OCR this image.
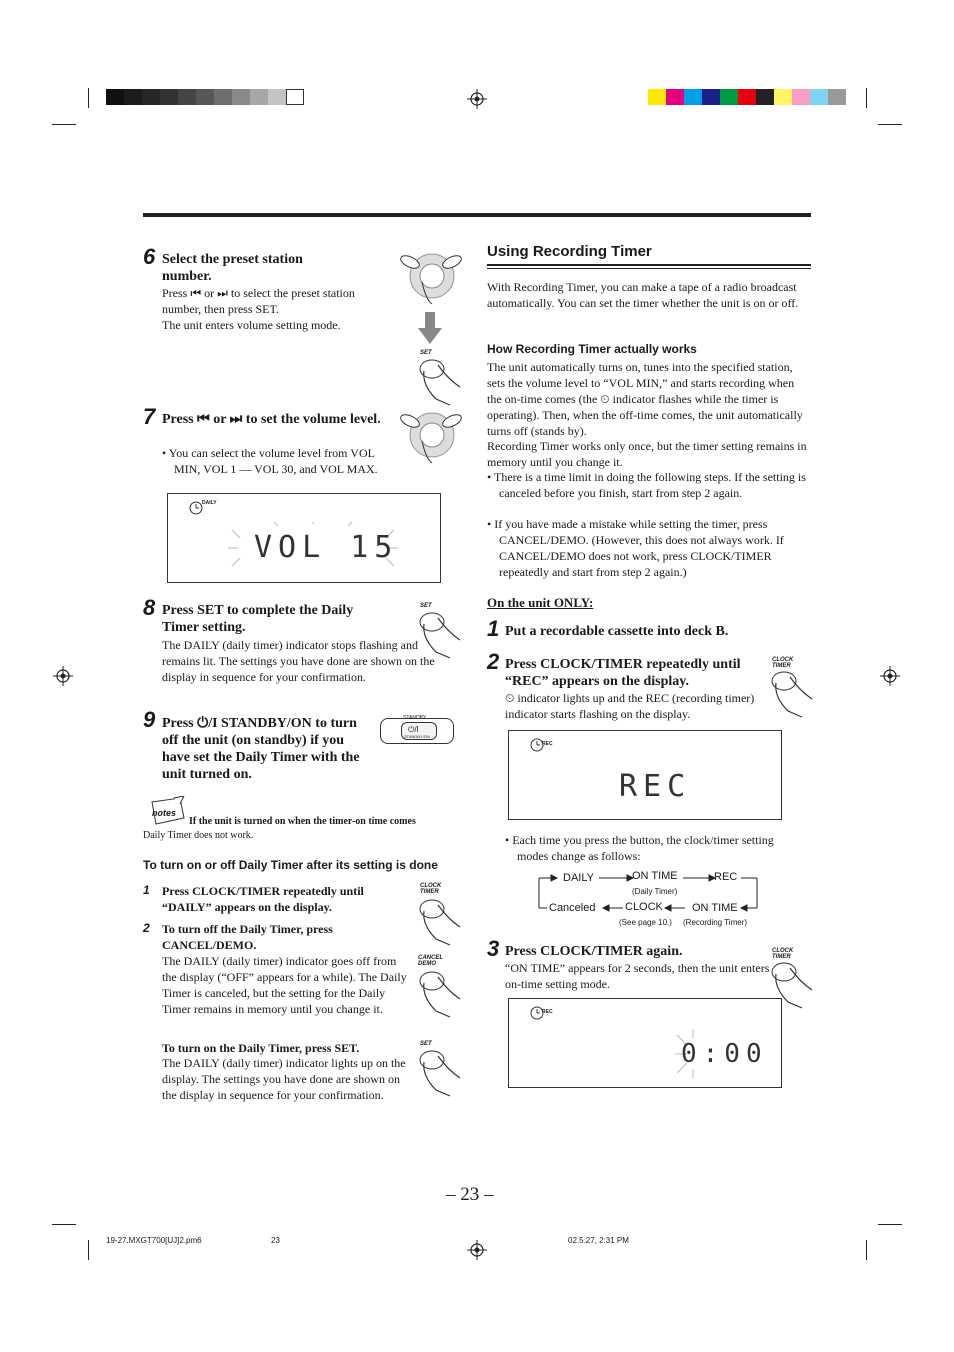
6 Select the preset station number.
Press ⏮ or ⏭ to select the preset station number, then press SET.
The unit enters volume setting mode.
SET
7 Press ⏮ or ⏭ to set the volume level.
• You can select the volume level from VOL MIN, VOL 1 — VOL 30, and VOL MAX.
DAILY
VOL 15
8 Press SET to complete the Daily Timer setting.
The DAILY (daily timer) indicator stops flashing and remains lit. The settings you have done are shown on the display in sequence for your confirmation.
SET
9 Press ⏻/I STANDBY/ON to turn off the unit (on standby) if you have set the Daily Timer with the unit turned on.
STANDBY
⏻/I
STANDBY/ON
notes
If the unit is turned on when the timer-on time comes
Daily Timer does not work.
To turn on or off Daily Timer after its setting is done
1 Press CLOCK/TIMER repeatedly until “DAILY” appears on the display.
CLOCK
TIMER
2 To turn off the Daily Timer, press CANCEL/DEMO.
CANCEL
DEMO
The DAILY (daily timer) indicator goes off from the display (“OFF” appears for a while). The Daily Timer is canceled, but the setting for the Daily Timer remains in memory until you change it.
To turn on the Daily Timer, press SET.
The DAILY (daily timer) indicator lights up on the display. The settings you have done are shown on the display in sequence for your confirmation.
SET
Using Recording Timer
With Recording Timer, you can make a tape of a radio broadcast automatically. You can set the timer whether the unit is on or off.
How Recording Timer actually works
The unit automatically turns on, tunes into the specified station, sets the volume level to “VOL MIN,” and starts recording when the on-time comes (the ⏲ indicator flashes while the timer is operating). Then, when the off-time comes, the unit automatically turns off (stands by).
Recording Timer works only once, but the timer setting remains in memory until you change it.
• There is a time limit in doing the following steps. If the setting is canceled before you finish, start from step 2 again.
• If you have made a mistake while setting the timer, press CANCEL/DEMO. (However, this does not always work. If CANCEL/DEMO does not work, press CLOCK/TIMER repeatedly and start from step 2 again.)
On the unit ONLY:
1 Put a recordable cassette into deck B.
2 Press CLOCK/TIMER repeatedly until “REC” appears on the display.
⏲ indicator lights up and the REC (recording timer) indicator starts flashing on the display.
CLOCK
TIMER
REC
REC
• Each time you press the button, the clock/timer setting modes change as follows:
DAILY	ON TIME	REC
(Daily Timer)
Canceled	CLOCK	ON TIME
(See page 10.) (Recording Timer)
3 Press CLOCK/TIMER again.
“ON TIME” appears for 2 seconds, then the unit enters on-time setting mode.
CLOCK
TIMER
REC
0:00
– 23 –
19-27.MXGT700[UJ]2.pm6	23	02.5.27, 2:31 PM
